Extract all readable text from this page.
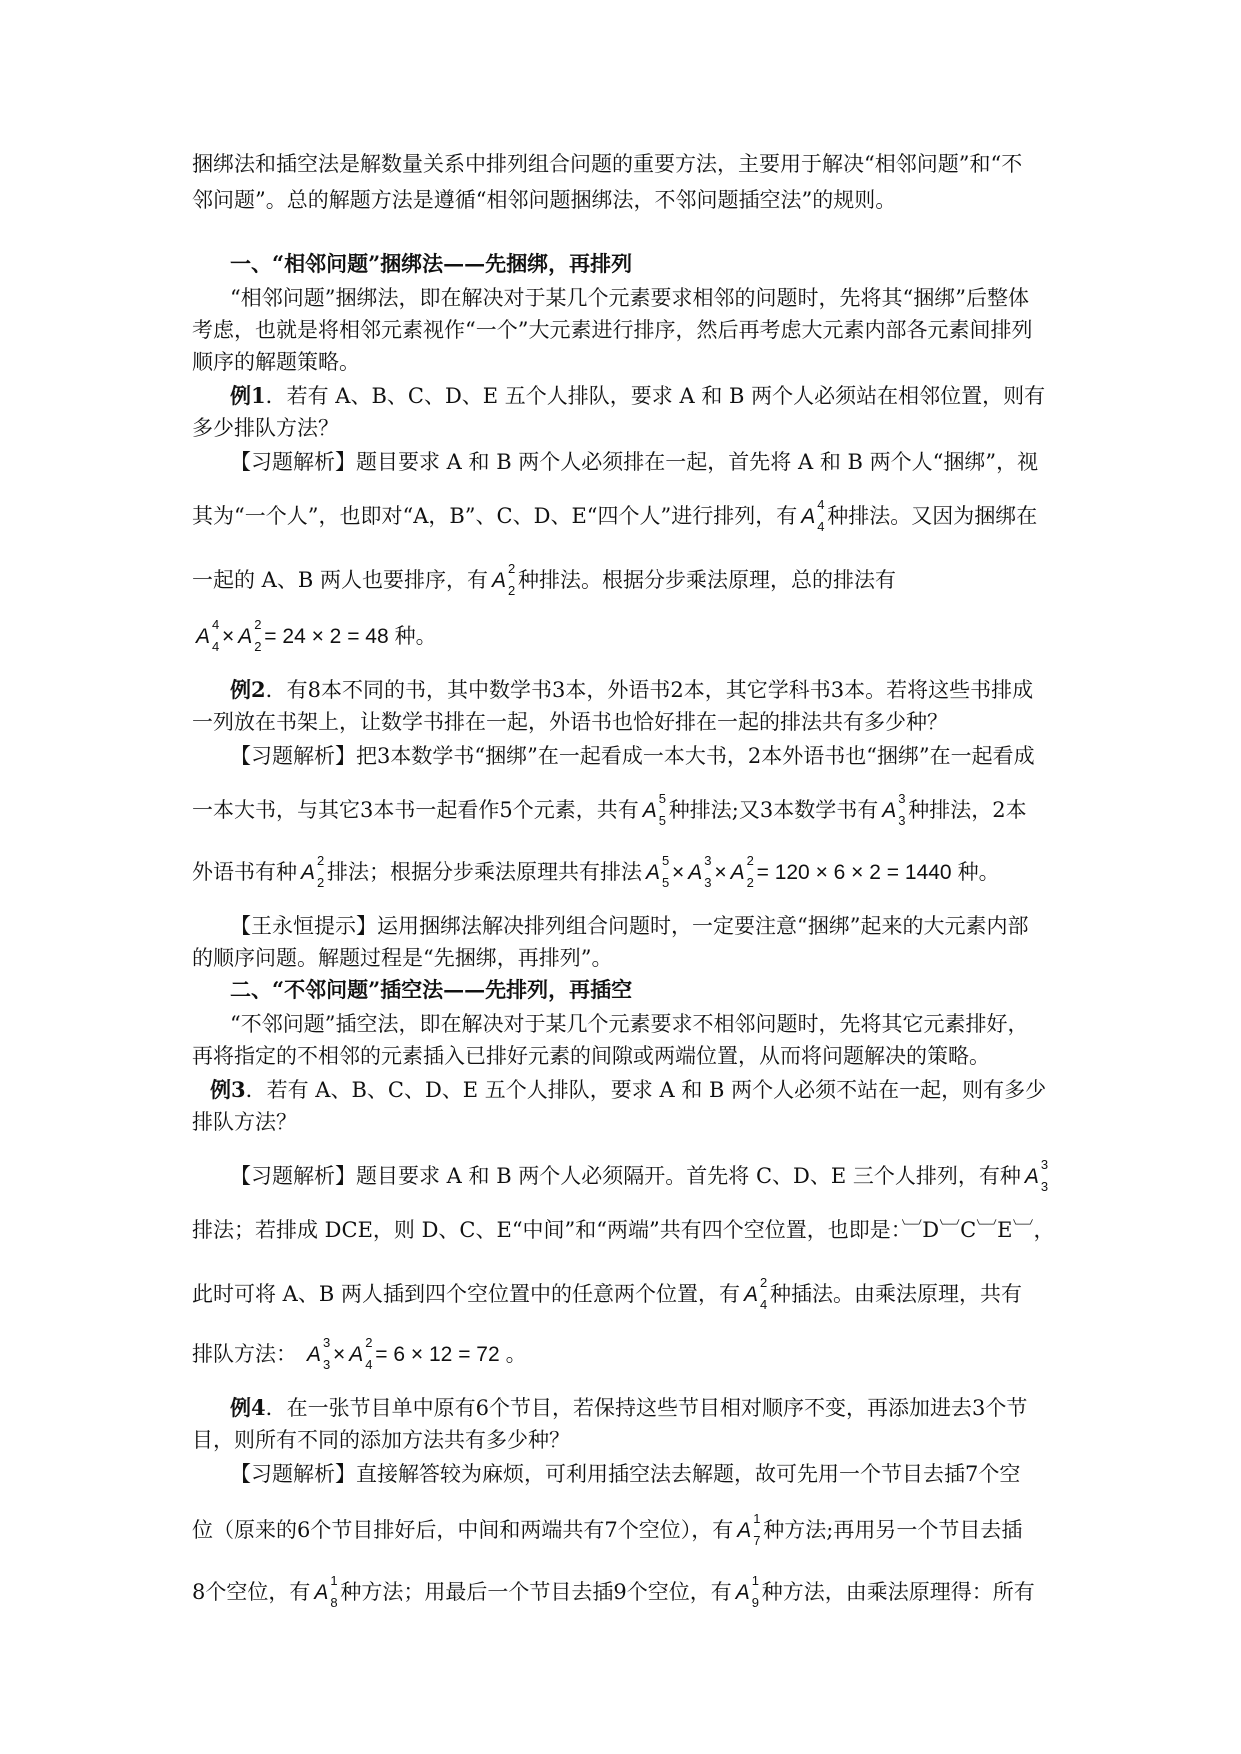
捆绑法和插空法是解数量关系中排列组合问题的重要方法，主要用于解决“相邻问题”和“不
邻问题”。总的解题方法是遵循“相邻问题捆绑法，不邻问题插空法”的规则。
一、“相邻问题”捆绑法——先捆绑，再排列
“相邻问题”捆绑法，即在解决对于某几个元素要求相邻的问题时，先将其“捆绑”后整体
考虑，也就是将相邻元素视作“一个”大元素进行排序，然后再考虑大元素内部各元素间排列
顺序的解题策略。
例1．若有 A、B、C、D、E 五个人排队，要求 A 和 B 两个人必须站在相邻位置，则有
多少排队方法？
【习题解析】题目要求 A 和 B 两个人必须排在一起，首先将 A 和 B 两个人“捆绑”，视
其为“一个人”，也即对“A，B”、C、D、E“四个人”进行排列，有 A
4
4 种排法。又因为捆绑在
一起的 A、B 两人也要排序，有 A
2
2 种排法。根据分步乘法原理，总的排法有
A
4
4 × A
2
2 = 24 × 2 = 48 种。
例2．有8本不同的书，其中数学书3本，外语书2本，其它学科书3本。若将这些书排成
一列放在书架上，让数学书排在一起，外语书也恰好排在一起的排法共有多少种？
【习题解析】把3本数学书“捆绑”在一起看成一本大书，2本外语书也“捆绑”在一起看成
一本大书，与其它3本书一起看作5个元素，共有 A
5
5 种排法;又3本数学书有 A
3
3 种排法，2本
外语书有种 A
2
2 排法；根据分步乘法原理共有排法 A
5
5 × A
3
3 × A
2
2 = 120 × 6 × 2 = 1440 种。
【王永恒提示】运用捆绑法解决排列组合问题时，一定要注意“捆绑”起来的大元素内部
的顺序问题。解题过程是“先捆绑，再排列”。
二、“不邻问题”插空法——先排列，再插空
“不邻问题”插空法，即在解决对于某几个元素要求不相邻问题时，先将其它元素排好，
再将指定的不相邻的元素插入已排好元素的间隙或两端位置，从而将问题解决的策略。
例3．若有 A、B、C、D、E 五个人排队，要求 A 和 B 两个人必须不站在一起，则有多少
排队方法？
【习题解析】题目要求 A 和 B 两个人必须隔开。首先将 C、D、E 三个人排列，有种 A
3
3
排法；若排成 DCE，则 D、C、E“中间”和“两端”共有四个空位置，也即是：︺D︺C︺E︺，
此时可将 A、B 两人插到四个空位置中的任意两个位置，有 A
2
4 种插法。由乘法原理，共有
排队方法： A
3
3 × A
2
4 = 6 × 12 = 72 。
例4．在一张节目单中原有6个节目，若保持这些节目相对顺序不变，再添加进去3个节
目，则所有不同的添加方法共有多少种？
【习题解析】直接解答较为麻烦，可利用插空法去解题，故可先用一个节目去插7个空
位（原来的6个节目排好后，中间和两端共有7个空位），有 A
1
7 种方法;再用另一个节目去插
8个空位，有 A
1
8 种方法；用最后一个节目去插9个空位，有 A
1
9 种方法，由乘法原理得：所有
